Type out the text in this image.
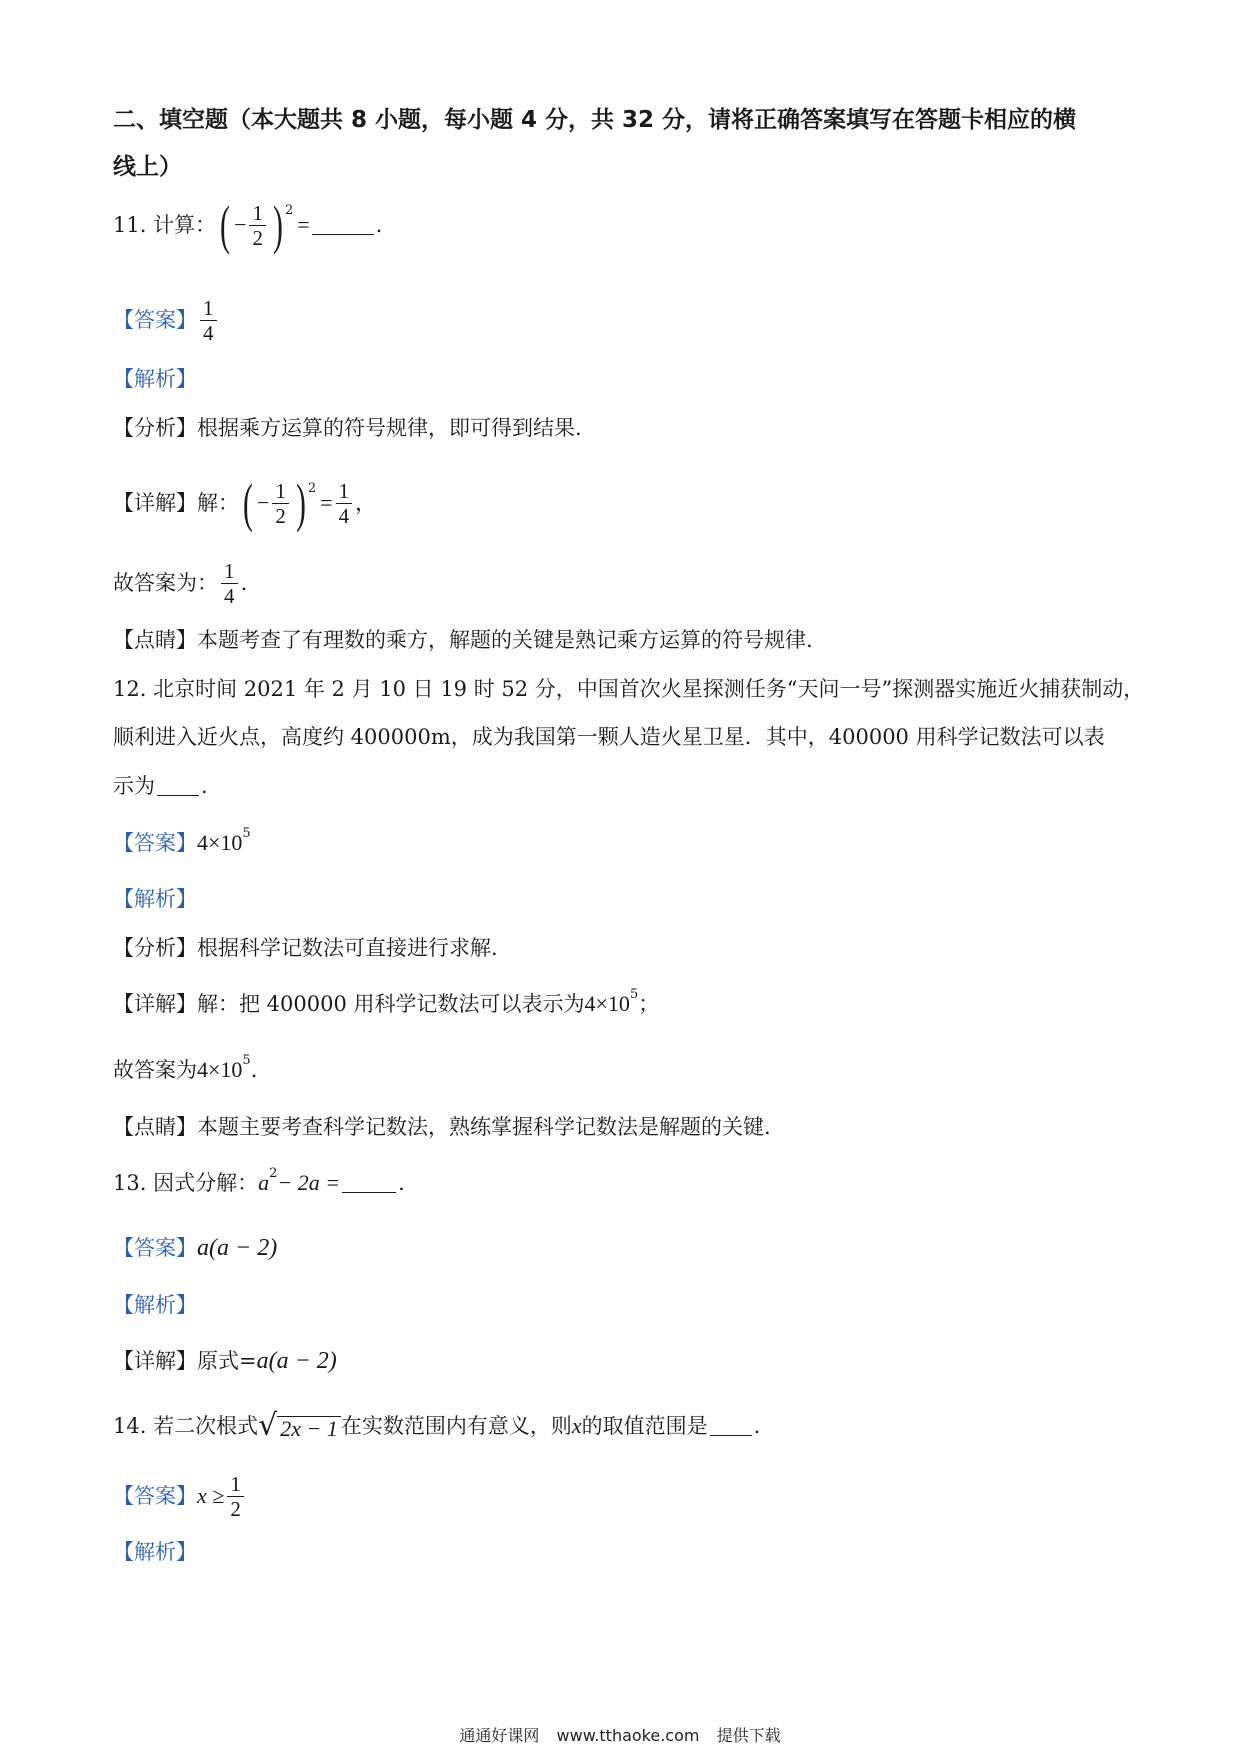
二、填空题（本大题共 8 小题，每小题 4 分，共 32 分，请将正确答案填写在答题卡相应的横
线上）
11. 计算： ( − $\frac{1}{2}$ ) 2
=	.
【答案】 $\frac{1}{4}$
【解析】
【分析】 根据乘方运算的符号规律，即可得到结果.
【详解】 解： ( − $\frac{1}{2}$ ) 2
= $\frac{1}{4}$ ，
故答案为： $\frac{1}{4}$ .
【点睛】 本题考查了有理数的乘方，解题的关键是熟记乘方运算的符号规律.
12. 北京时间 2021 年 2 月 10 日 19 时 52 分，中国首次火星探测任务“天问一号”探测器实施近火捕获制动，
顺利进入近火点，高度约 400000m，成为我国第一颗人造火星卫星．其中，400000 用科学记数法可以表
示为 .
【答案】 4×10 5
【解析】
【分析】 根据科学记数法可直接进行求解.
【详解】 解：把 400000 用科学记数法可以表示为 4×10 5 ；
故答案为 4×10 5 .
【点睛】 本题主要考查科学记数法，熟练掌握科学记数法是解题的关键.
13. 因式分解： a 2 − 2a =	.
【答案】 a(a − 2)
【解析】
【详解】 原式= a(a − 2)
14. 若二次根式 √ 2x − 1 在实数范围内有意义，则 x 的取值范围是 .
【答案】 $x \ge \frac{1}{2}$
【解析】
通通好课网 www.tthaoke.com 提供下载
